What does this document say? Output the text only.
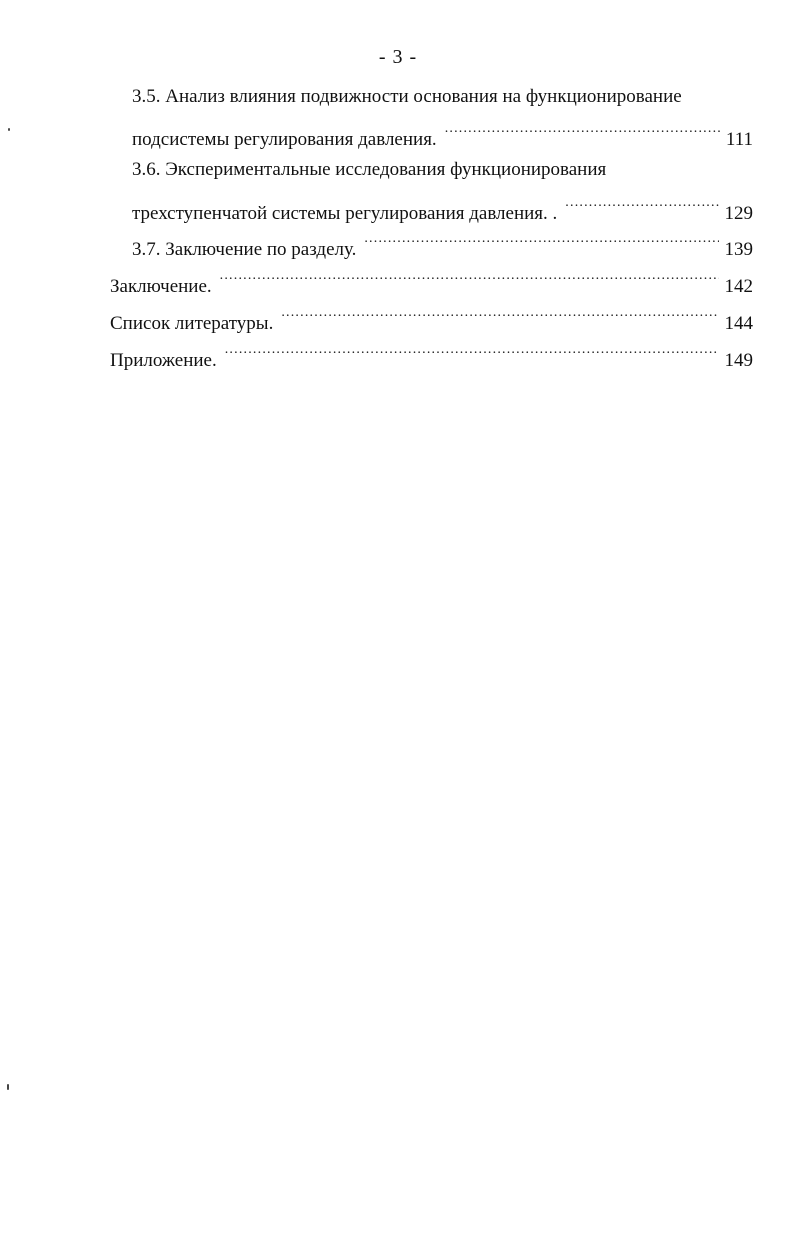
- 3 -
3.5. Анализ влияния подвижности основания на функционирование
подсистемы регулирования давления. .....	111
3.6. Экспериментальные исследования функционирования
трехступенчатой системы регулирования давления. . .....	129
3.7. Заключение по разделу. .....	139
Заключение. .....	142
Список литературы. .....	144
Приложение. .....	149
